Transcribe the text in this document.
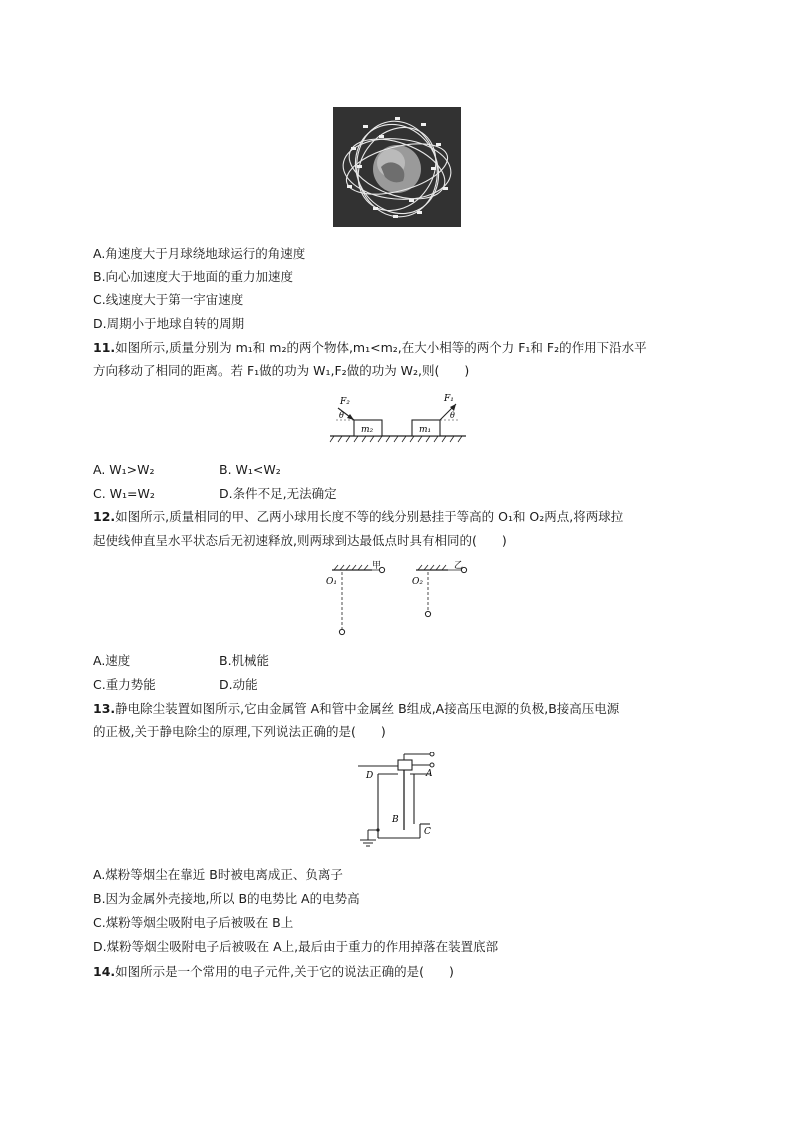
A.角速度大于月球绕地球运行的角速度
B.向心加速度大于地面的重力加速度
C.线速度大于第一宇宙速度
D.周期小于地球自转的周期
11.如图所示,质量分别为 m₁和 m₂的两个物体,m₁<m₂,在大小相等的两个力 F₁和 F₂的作用下沿水平
方向移动了相同的距离。若 F₁做的功为 W₁,F₂做的功为 W₂,则(　　)
m₂	m₁
F₂
θ
F₁
θ
A. W₁>W₂	B. W₁<W₂
C. W₁=W₂	D.条件不足,无法确定
12.如图所示,质量相同的甲、乙两小球用长度不等的线分别悬挂于等高的 O₁和 O₂两点,将两球拉
起使线伸直呈水平状态后无初速释放,则两球到达最低点时具有相同的(　　)
甲
O₁
乙
O₂
A.速度	B.机械能
C.重力势能	D.动能
13.静电除尘装置如图所示,它由金属管 A和管中金属丝 B组成,A接高压电源的负极,B接高压电源
的正极,关于静电除尘的原理,下列说法正确的是(　　)
D	A
B
C
A.煤粉等烟尘在靠近 B时被电离成正、负离子
B.因为金属外壳接地,所以 B的电势比 A的电势高
C.煤粉等烟尘吸附电子后被吸在 B上
D.煤粉等烟尘吸附电子后被吸在 A上,最后由于重力的作用掉落在装置底部
14.如图所示是一个常用的电子元件,关于它的说法正确的是(　　)
